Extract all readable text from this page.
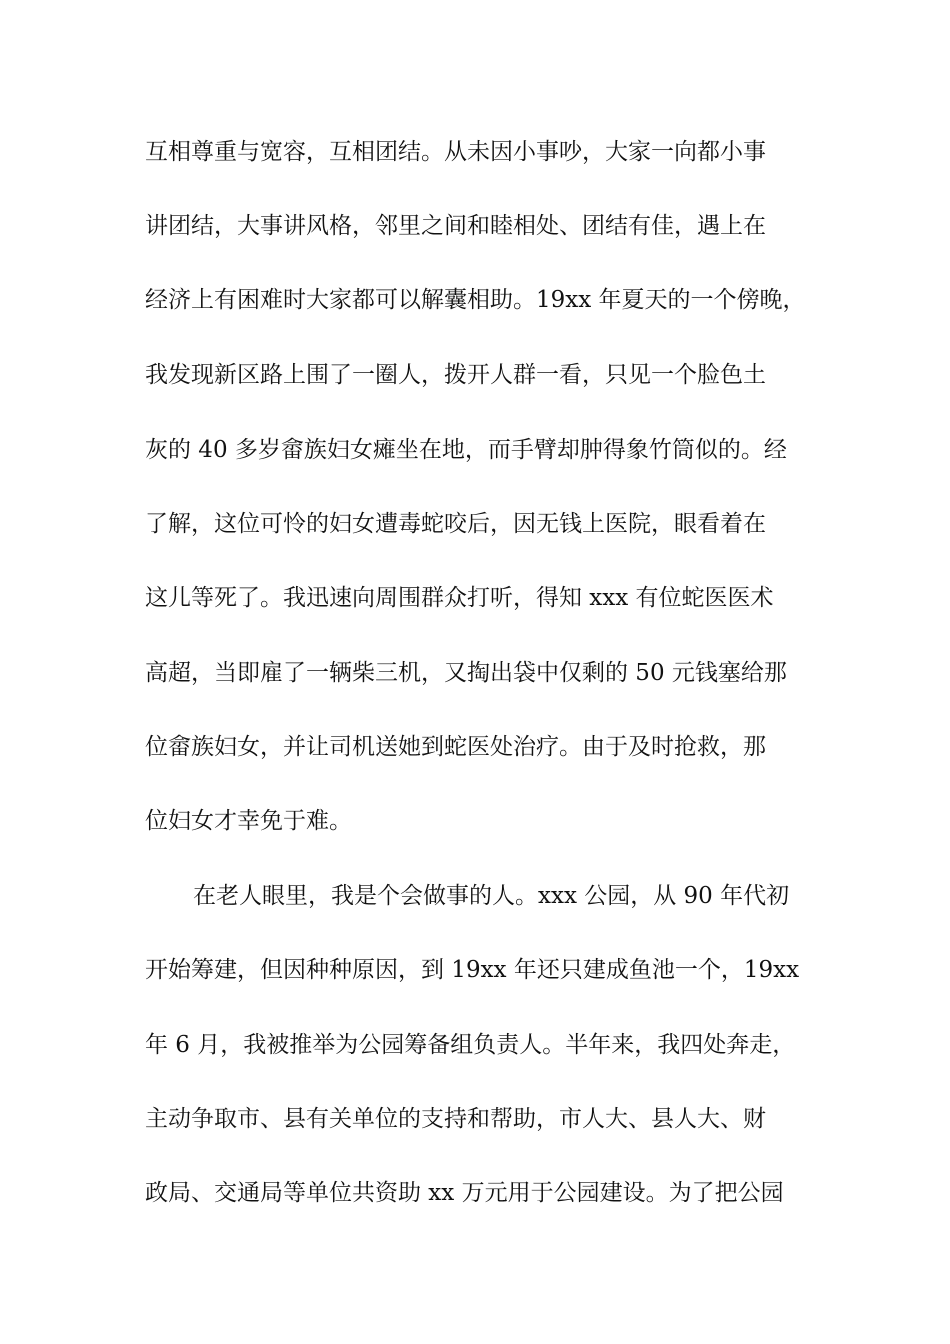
互相尊重与宽容，互相团结。从未因小事吵，大家一向都小事
讲团结，大事讲风格，邻里之间和睦相处、团结有佳，遇上在
经济上有困难时大家都可以解囊相助。19xx 年夏天的一个傍晚，
我发现新区路上围了一圈人，拨开人群一看，只见一个脸色土
灰的 40 多岁畲族妇女瘫坐在地，而手臂却肿得象竹筒似的。经
了解，这位可怜的妇女遭毒蛇咬后，因无钱上医院，眼看着在
这儿等死了。我迅速向周围群众打听，得知 xxx 有位蛇医医术
高超，当即雇了一辆柴三机，又掏出袋中仅剩的 50 元钱塞给那
位畲族妇女，并让司机送她到蛇医处治疗。由于及时抢救，那
位妇女才幸免于难。
在老人眼里，我是个会做事的人。xxx 公园，从 90 年代初
开始筹建，但因种种原因，到 19xx 年还只建成鱼池一个，19xx
年 6 月，我被推举为公园筹备组负责人。半年来，我四处奔走，
主动争取市、县有关单位的支持和帮助，市人大、县人大、财
政局、交通局等单位共资助 xx 万元用于公园建设。为了把公园
